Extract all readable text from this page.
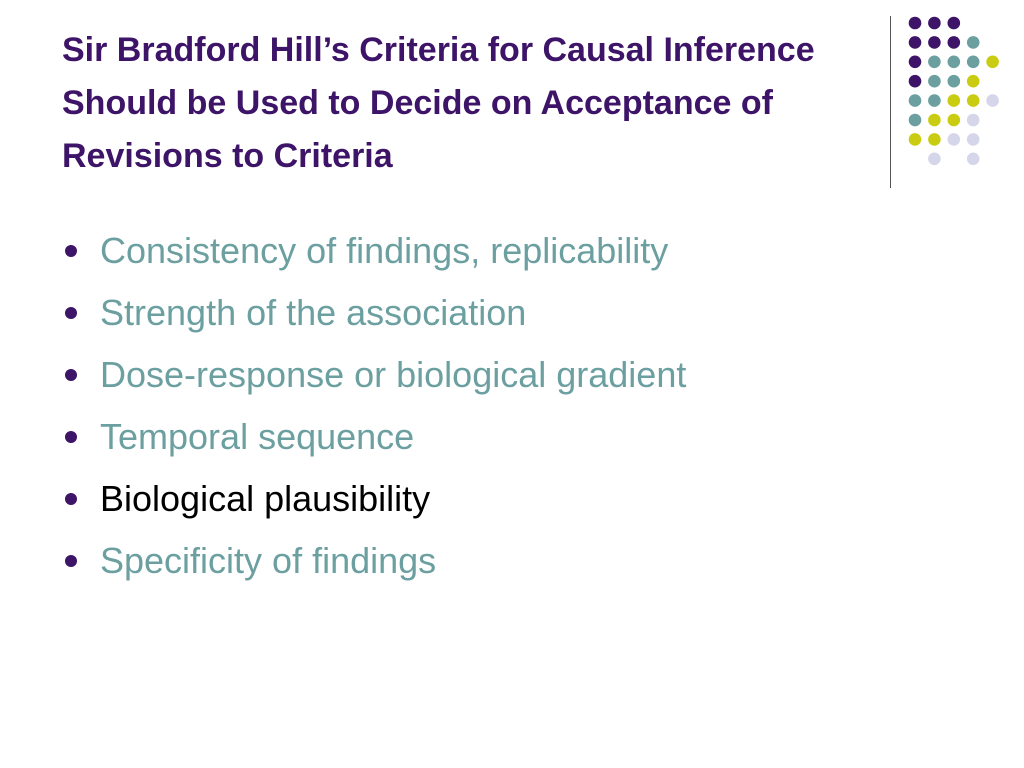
Sir Bradford Hill’s Criteria for Causal Inference Should be Used to Decide on Acceptance of Revisions to Criteria
Consistency of findings, replicability
Strength of the association
Dose-response or biological gradient
Temporal sequence
Biological plausibility
Specificity of findings
